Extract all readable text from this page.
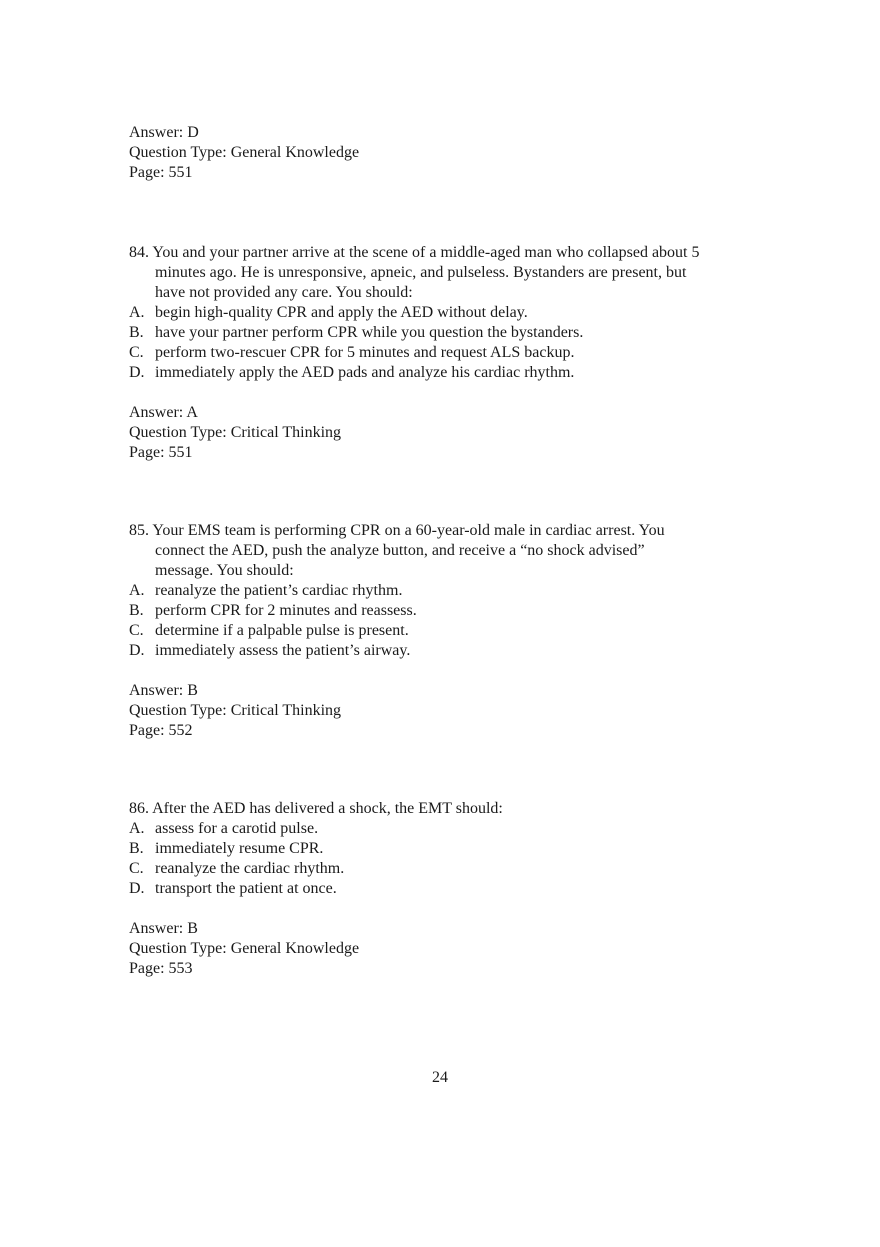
Answer: D
Question Type: General Knowledge
Page: 551
84. You and your partner arrive at the scene of a middle-aged man who collapsed about 5
minutes ago. He is unresponsive, apneic, and pulseless. Bystanders are present, but
have not provided any care. You should:
A. begin high-quality CPR and apply the AED without delay.
B. have your partner perform CPR while you question the bystanders.
C. perform two-rescuer CPR for 5 minutes and request ALS backup.
D. immediately apply the AED pads and analyze his cardiac rhythm.
Answer: A
Question Type: Critical Thinking
Page: 551
85. Your EMS team is performing CPR on a 60-year-old male in cardiac arrest. You
connect the AED, push the analyze button, and receive a “no shock advised”
message. You should:
A. reanalyze the patient’s cardiac rhythm.
B. perform CPR for 2 minutes and reassess.
C. determine if a palpable pulse is present.
D. immediately assess the patient’s airway.
Answer: B
Question Type: Critical Thinking
Page: 552
86. After the AED has delivered a shock, the EMT should:
A. assess for a carotid pulse.
B. immediately resume CPR.
C. reanalyze the cardiac rhythm.
D. transport the patient at once.
Answer: B
Question Type: General Knowledge
Page: 553
24
